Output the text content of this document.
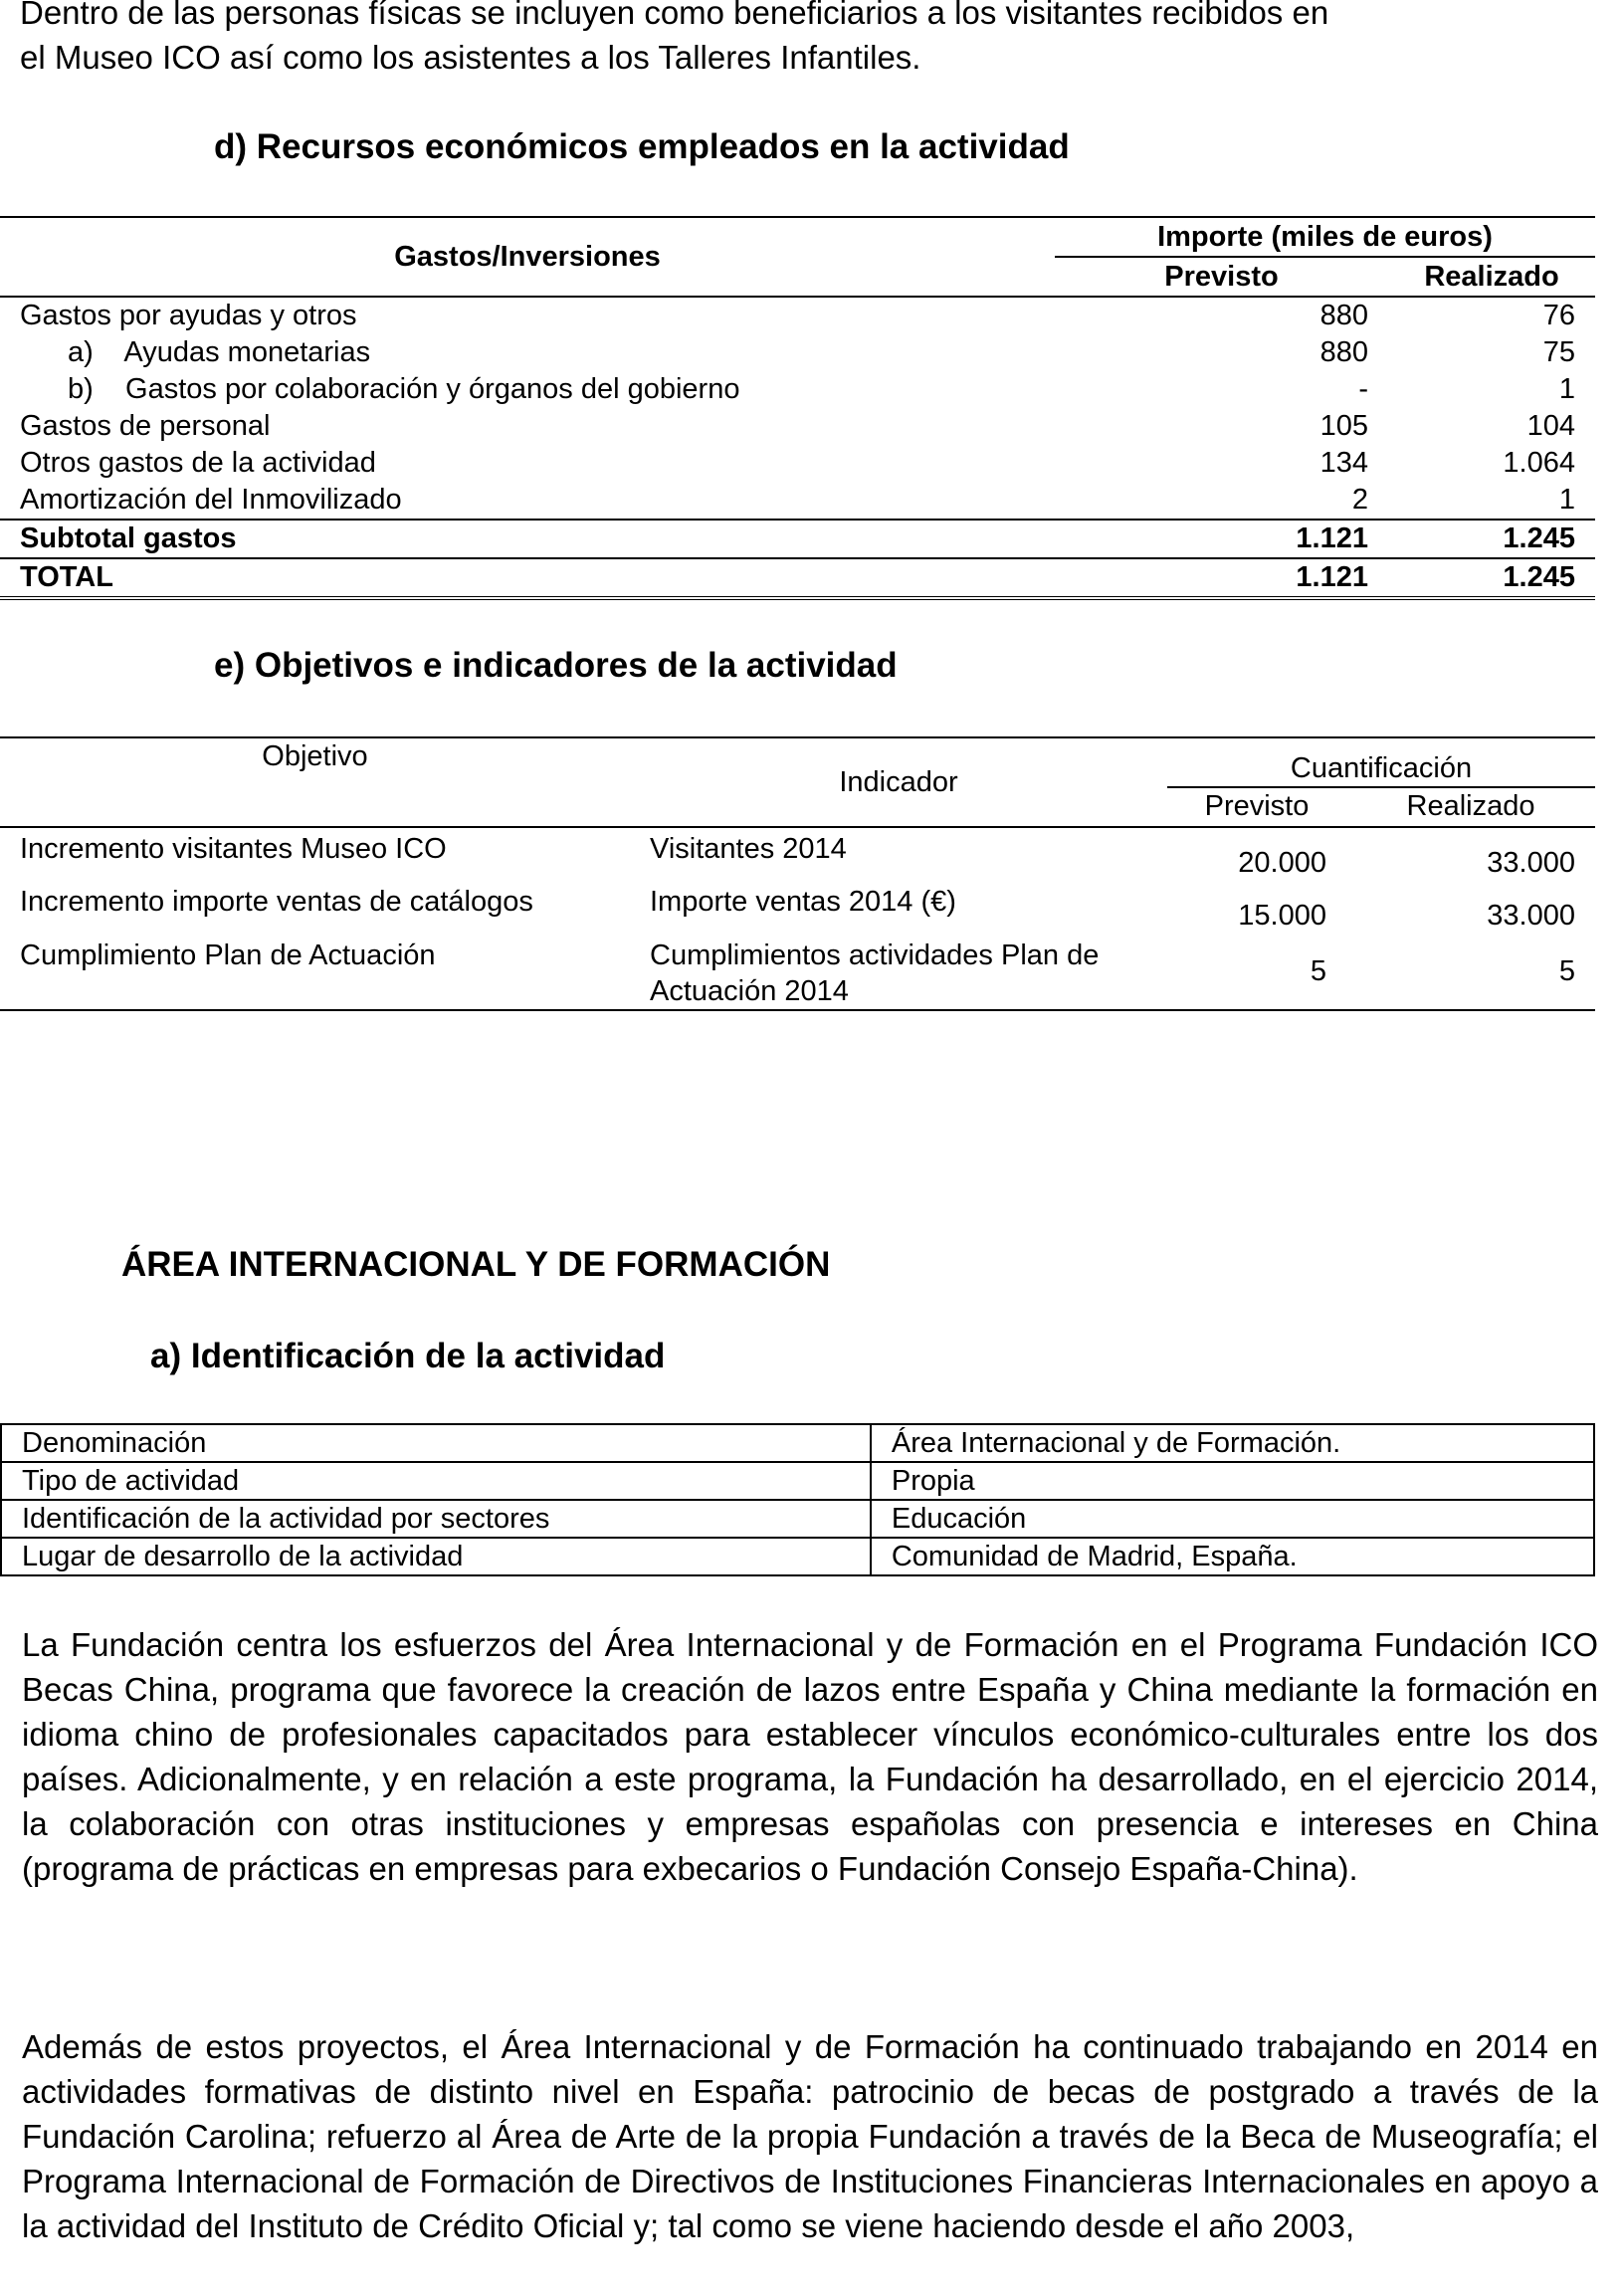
Dentro de las personas físicas se incluyen como beneficiarios a los visitantes recibidos en
el Museo ICO así como los asistentes a los Talleres Infantiles.
d) Recursos económicos empleados en la actividad
Gastos/Inversiones	Importe (miles de euros)	
	Previsto	Realizado
Gastos por ayudas y otros	880	76
a)    Ayudas monetarias	880	75
b)    Gastos por colaboración y órganos del gobierno	-	1
Gastos de personal	105	104
Otros gastos de la actividad	134	1.064
Amortización del Inmovilizado	2	1
Subtotal gastos	1.121	1.245
TOTAL	1.121	1.245
e) Objetivos e indicadores de la actividad
Objetivo	Indicador	Cuantificación	
		Previsto	Realizado
Incremento visitantes Museo ICO	Visitantes 2014	20.000	33.000
Incremento importe ventas de catálogos	Importe ventas 2014 (€)	15.000	33.000
Cumplimiento Plan de Actuación	Cumplimientos actividades Plan de Actuación 2014	5	5
ÁREA INTERNACIONAL Y DE FORMACIÓN
a) Identificación de la actividad
Denominación	Área Internacional y de Formación.
Tipo de actividad	Propia
Identificación de la actividad por sectores	Educación
Lugar de desarrollo de la actividad	Comunidad de Madrid, España.
La Fundación centra los esfuerzos del Área Internacional y de Formación en el Programa Fundación ICO Becas China, programa que favorece la creación de lazos entre España y China mediante la formación en idioma chino de profesionales capacitados para establecer vínculos económico-culturales entre los dos países. Adicionalmente, y en relación a este programa, la Fundación ha desarrollado, en el ejercicio 2014, la colaboración con otras instituciones y empresas españolas con presencia e intereses en China (programa de prácticas en empresas para exbecarios o Fundación Consejo España-China).
Además de estos proyectos, el Área Internacional y de Formación ha continuado trabajando en 2014 en actividades formativas de distinto nivel en España: patrocinio de becas de postgrado a través de la Fundación Carolina; refuerzo al Área de Arte de la propia Fundación a través de la Beca de Museografía; el Programa Internacional de Formación de Directivos de Instituciones Financieras Internacionales en apoyo a la actividad del Instituto de Crédito Oficial y; tal como se viene haciendo desde el año 2003,
